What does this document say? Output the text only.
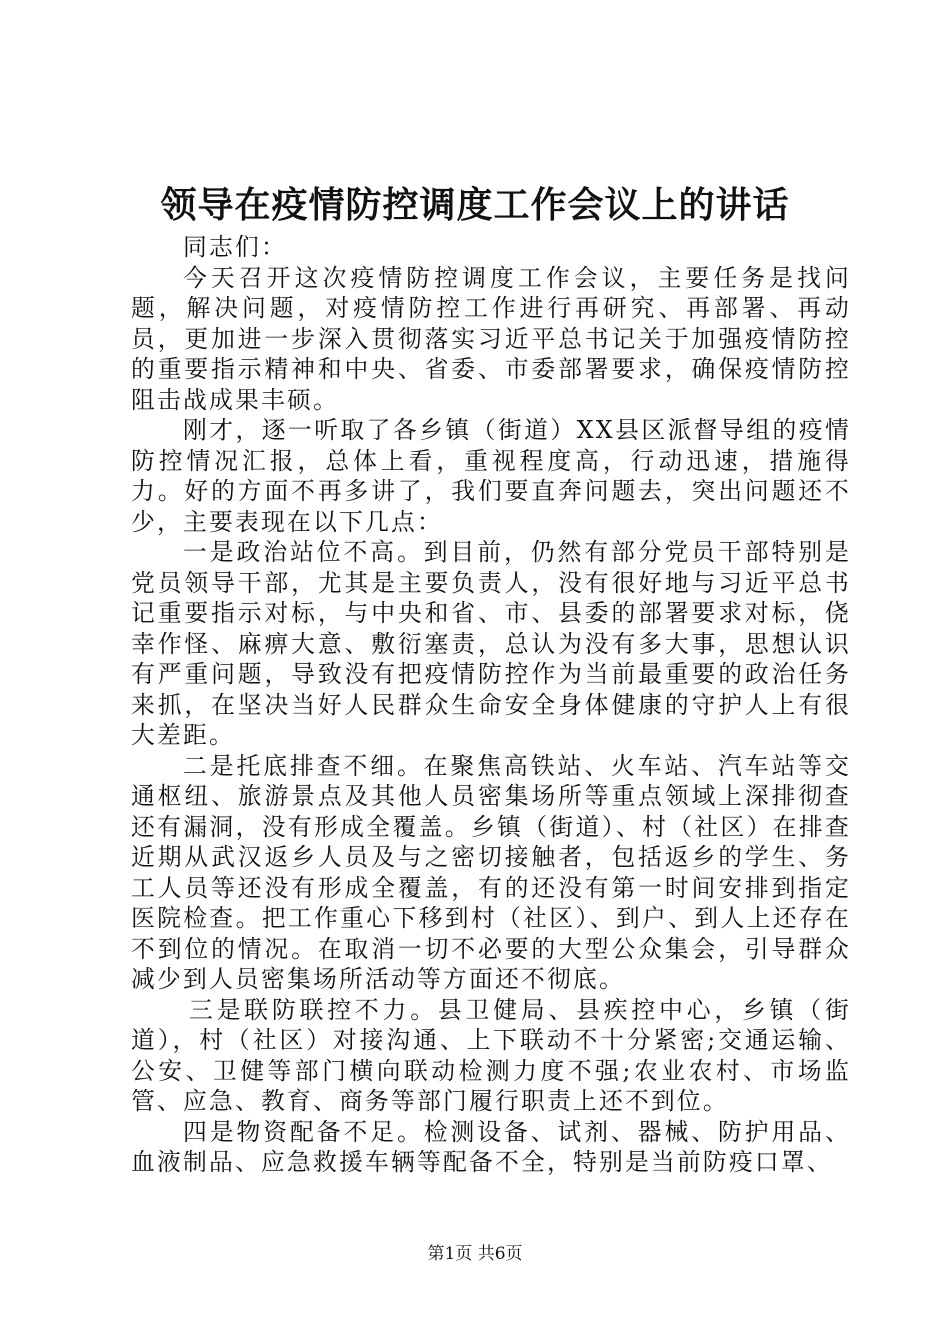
领导在疫情防控调度工作会议上的讲话

同志们：

今天召开这次疫情防控调度工作会议，主要任务是找问题，解决问题，对疫情防控工作进行再研究、再部署、再动员，更加进一步深入贯彻落实习近平总书记关于加强疫情防控的重要指示精神和中央、省委、市委部署要求，确保疫情防控阻击战成果丰硕。

刚才，逐一听取了各乡镇（街道）XX县区派督导组的疫情防控情况汇报，总体上看，重视程度高，行动迅速，措施得力。好的方面不再多讲了，我们要直奔问题去，突出问题还不少，主要表现在以下几点：

一是政治站位不高。到目前，仍然有部分党员干部特别是党员领导干部，尤其是主要负责人，没有很好地与习近平总书记重要指示对标，与中央和省、市、县委的部署要求对标，侥幸作怪、麻痹大意、敷衍塞责，总认为没有多大事，思想认识有严重问题，导致没有把疫情防控作为当前最重要的政治任务来抓，在坚决当好人民群众生命安全身体健康的守护人上有很大差距。

二是托底排查不细。在聚焦高铁站、火车站、汽车站等交通枢纽、旅游景点及其他人员密集场所等重点领域上深排彻查还有漏洞，没有形成全覆盖。乡镇（街道）、村（社区）在排查近期从武汉返乡人员及与之密切接触者，包括返乡的学生、务工人员等还没有形成全覆盖，有的还没有第一时间安排到指定医院检查。把工作重心下移到村（社区）、到户、到人上还存在不到位的情况。在取消一切不必要的大型公众集会，引导群众减少到人员密集场所活动等方面还不彻底。

三是联防联控不力。县卫健局、县疾控中心，乡镇（街道），村（社区）对接沟通、上下联动不十分紧密;交通运输、公安、卫健等部门横向联动检测力度不强;农业农村、市场监管、应急、教育、商务等部门履行职责上还不到位。

四是物资配备不足。检测设备、试剂、器械、防护用品、血液制品、应急救援车辆等配备不全，特别是当前防疫口罩、

第1页 共6页
